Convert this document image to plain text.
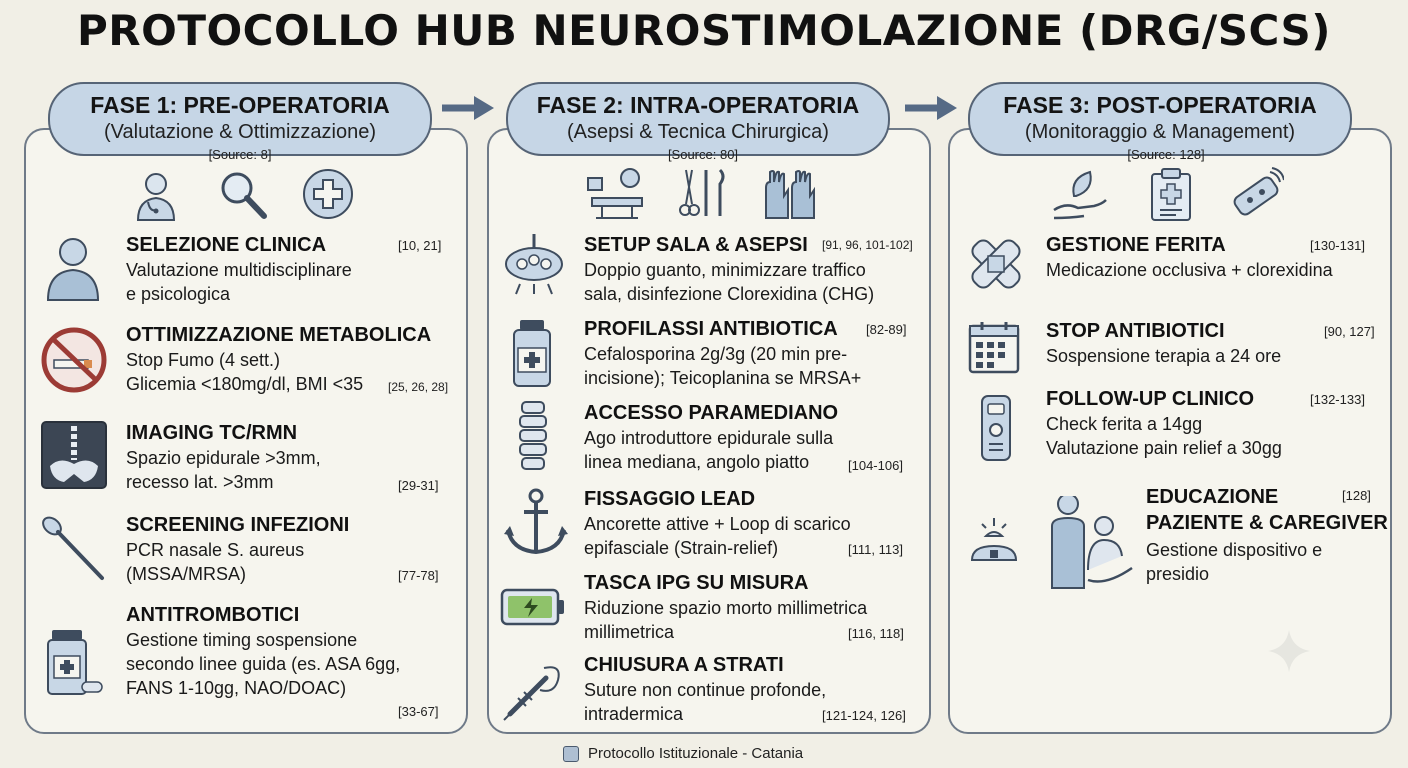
PROTOCOLLO HUB NEUROSTIMOLAZIONE (DRG/SCS)
FASE 1: PRE-OPERATORIA
(Valutazione & Ottimizzazione)
FASE 2: INTRA-OPERATORIA
(Asepsi & Tecnica Chirurgica)
FASE 3: POST-OPERATORIA
(Monitoraggio & Management)
[Source: 8]	[Source: 80]	[Source: 128]
SELEZIONE CLINICA	[10, 21]
Valutazione multidisciplinare
e psicologica
OTTIMIZZAZIONE METABOLICA
Stop Fumo (4 sett.)
Glicemia <180mg/dl, BMI <35	[25, 26, 28]
IMAGING TC/RMN
Spazio epidurale >3mm,
recesso lat. >3mm	[29-31]
SCREENING INFEZIONI
PCR nasale S. aureus
(MSSA/MRSA)	[77-78]
ANTITROMBOTICI
Gestione timing sospensione
secondo linee guida (es. ASA 6gg,
FANS 1-10gg, NAO/DOAC)
[33-67]
SETUP SALA & ASEPSI [91, 96, 101-102]
Doppio guanto, minimizzare traffico
sala, disinfezione Clorexidina (CHG)
PROFILASSI ANTIBIOTICA [82-89]
Cefalosporina 2g/3g (20 min pre-
incisione); Teicoplanina se MRSA+
ACCESSO PARAMEDIANO
Ago introduttore epidurale sulla
linea mediana, angolo piatto	[104-106]
FISSAGGIO LEAD
Ancorette attive + Loop di scarico
epifasciale (Strain-relief)	[111, 113]
TASCA IPG SU MISURA
Riduzione spazio morto millimetrica
millimetrica	[116, 118]
CHIUSURA A STRATI
Suture non continue profonde,
intradermica	[121-124, 126]
GESTIONE FERITA	[130-131]
Medicazione occlusiva + clorexidina
STOP ANTIBIOTICI	[90, 127]
Sospensione terapia a 24 ore
FOLLOW-UP CLINICO	[132-133]
Check ferita a 14gg
Valutazione pain relief a 30gg
EDUCAZIONE
PAZIENTE & CAREGIVER
[128]
Gestione dispositivo e
presidio
Protocollo Istituzionale - Catania
